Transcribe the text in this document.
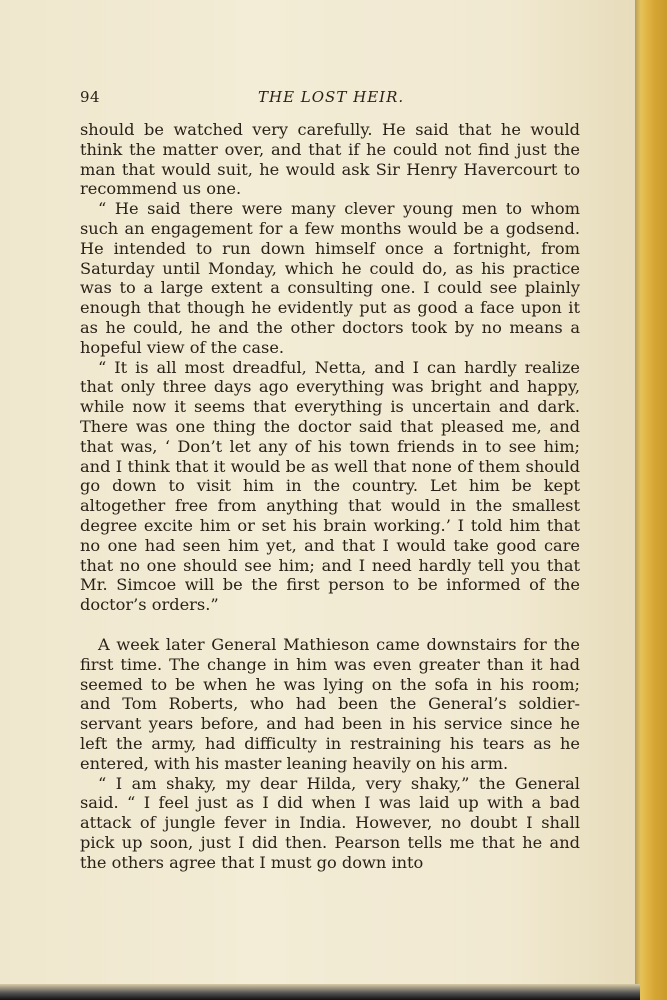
94	THE LOST HEIR.

should be watched very carefully. He said that he would think the matter over, and that if he could not find just the man that would suit, he would ask Sir Henry Havercourt to recommend us one.

“ He said there were many clever young men to whom such an engagement for a few months would be a godsend. He intended to run down himself once a fortnight, from Saturday until Monday, which he could do, as his practice was to a large extent a consulting one. I could see plainly enough that though he evidently put as good a face upon it as he could, he and the other doctors took by no means a hopeful view of the case.

“ It is all most dreadful, Netta, and I can hardly realize that only three days ago everything was bright and happy, while now it seems that everything is uncertain and dark. There was one thing the doctor said that pleased me, and that was, ‘ Don’t let any of his town friends in to see him; and I think that it would be as well that none of them should go down to visit him in the country. Let him be kept altogether free from anything that would in the smallest degree excite him or set his brain working.’ I told him that no one had seen him yet, and that I would take good care that no one should see him; and I need hardly tell you that Mr. Simcoe will be the first person to be informed of the doctor’s orders.”

A week later General Mathieson came downstairs for the first time. The change in him was even greater than it had seemed to be when he was lying on the sofa in his room; and Tom Roberts, who had been the General’s soldier-servant years before, and had been in his service since he left the army, had difficulty in restraining his tears as he entered, with his master leaning heavily on his arm.

“ I am shaky, my dear Hilda, very shaky,” the General said. “ I feel just as I did when I was laid up with a bad attack of jungle fever in India. However, no doubt I shall pick up soon, just I did then. Pearson tells me that he and the others agree that I must go down into
